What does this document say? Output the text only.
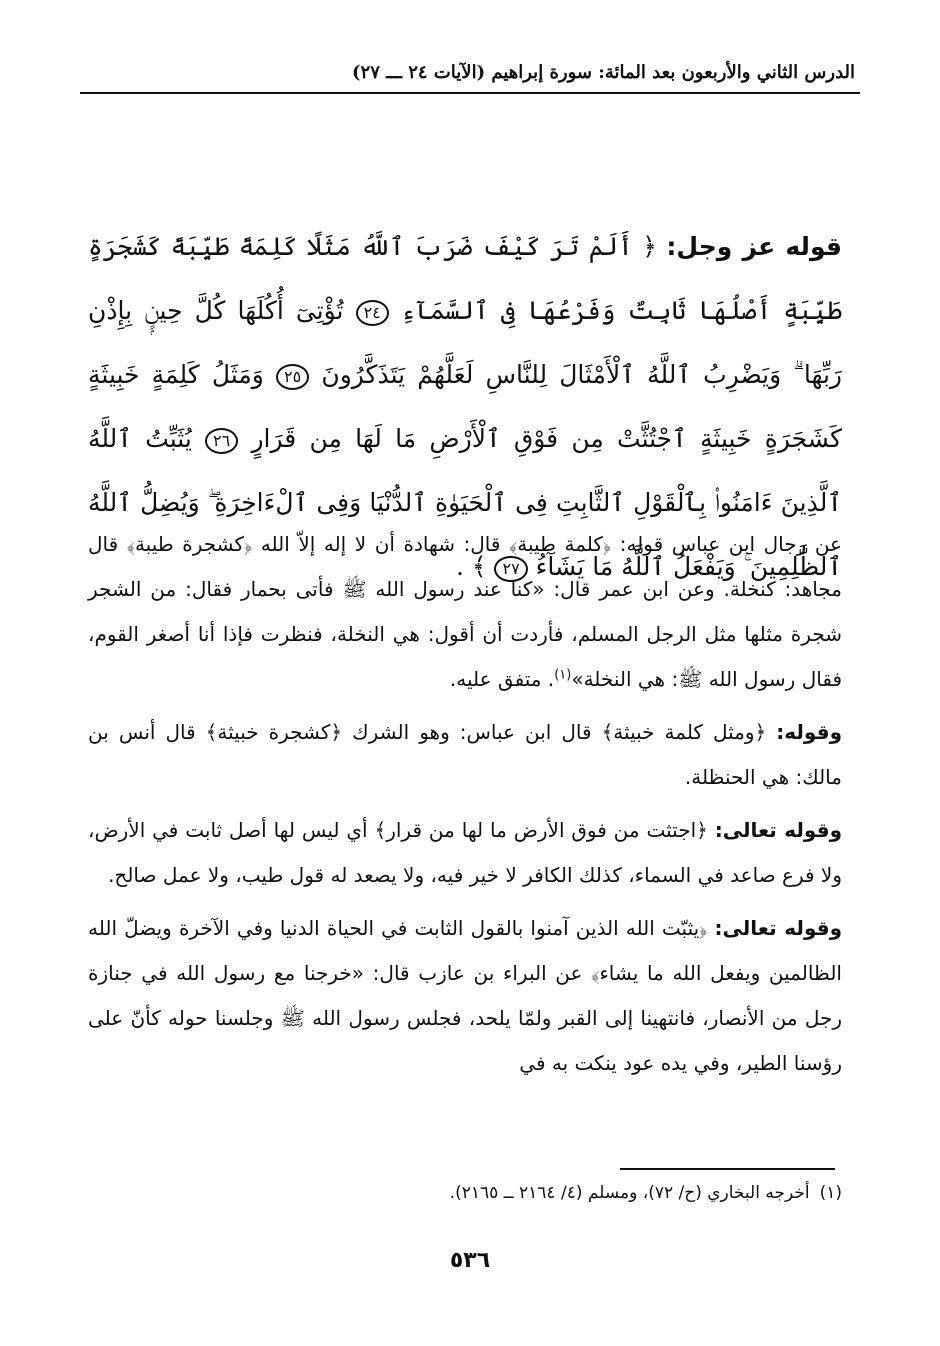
الدرس الثاني والأربعون بعد المائة: سورة إبراهيم (الآيات ٢٤ ـــ ٢٧)
قوله عز وجل: ﴿ أَلَمْ تَرَ كَيْفَ ضَرَبَ ٱللَّهُ مَثَلًا كَلِمَةً طَيِّبَةً كَشَجَرَةٍ طَيِّبَةٍ أَصْلُهَا ثَابِتٌ وَفَرْعُهَا فِى ٱلسَّمَآءِ ٢٤ تُؤْتِىٓ أُكُلَهَا كُلَّ حِينٍۭ بِإِذْنِ رَبِّهَا ۗ وَيَضْرِبُ ٱللَّهُ ٱلْأَمْثَالَ لِلنَّاسِ لَعَلَّهُمْ يَتَذَكَّرُونَ ٢٥ وَمَثَلُ كَلِمَةٍ خَبِيثَةٍ كَشَجَرَةٍ خَبِيثَةٍ ٱجْتُثَّتْ مِن فَوْقِ ٱلْأَرْضِ مَا لَهَا مِن قَرَارٍ ٢٦ يُثَبِّتُ ٱللَّهُ ٱلَّذِينَ ءَامَنُوا۟ بِٱلْقَوْلِ ٱلثَّابِتِ فِى ٱلْحَيَوٰةِ ٱلدُّنْيَا وَفِى ٱلْءَاخِرَةِ ۖ وَيُضِلُّ ٱللَّهُ ٱلظَّٰلِمِينَ ۚ وَيَفْعَلُ ٱللَّهُ مَا يَشَآءُ ٢٧ ﴾ .

عن رجال ابن عباس قوله: ﴿كلمة طيبة﴾ قال: شهادة أن لا إله إلاّ الله ﴿كشجرة طيبة﴾ قال مجاهد: كنخلة. وعن ابن عمر قال: «كنا عند رسول الله ﷺ فأتى بحمار فقال: من الشجر شجرة مثلها مثل الرجل المسلم، فأردت أن أقول: هي النخلة، فنظرت فإذا أنا أصغر القوم، فقال رسول الله ﷺ: هي النخلة»$^{(١)}$. متفق عليه.

وقوله: ﴿ومثل كلمة خبيثة﴾ قال ابن عباس: وهو الشرك ﴿كشجرة خبيثة﴾ قال أنس بن مالك: هي الحنظلة.

وقوله تعالى: ﴿اجتثت من فوق الأرض ما لها من قرار﴾ أي ليس لها أصل ثابت في الأرض، ولا فرع صاعد في السماء، كذلك الكافر لا خير فيه، ولا يصعد له قول طيب، ولا عمل صالح.

وقوله تعالى: ﴿يثبّت الله الذين آمنوا بالقول الثابت في الحياة الدنيا وفي الآخرة ويضلّ الله الظالمين ويفعل الله ما يشاء﴾ عن البراء بن عازب قال: «خرجنا مع رسول الله في جنازة رجل من الأنصار، فانتهينا إلى القبر ولمّا يلحد، فجلس رسول الله ﷺ وجلسنا حوله كأنّ على رؤسنا الطير، وفي يده عود ينكت به في

(١)أخرجه البخاري (ح/ ٧٢)، ومسلم (٤/ ٢١٦٤ ــ ٢١٦٥).
٥٣٦
